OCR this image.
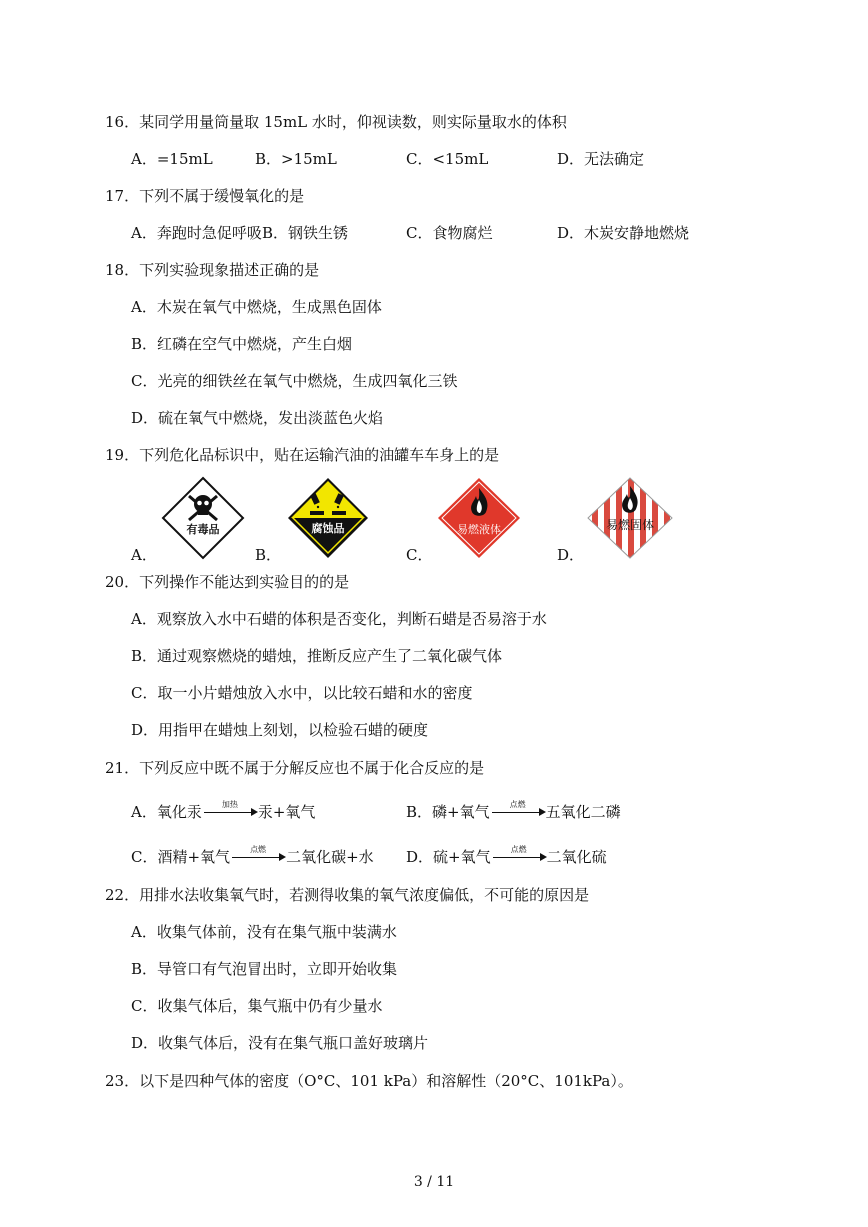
16．某同学用量筒量取 15mL 水时，仰视读数，则实际量取水的体积
A．=15mL	B．>15mL	C．<15mL	D．无法确定
17．下列不属于缓慢氧化的是
A．奔跑时急促呼吸 B．钢铁生锈	C．食物腐烂	D．木炭安静地燃烧
18．下列实验现象描述正确的是
A．木炭在氧气中燃烧，生成黑色固体
B．红磷在空气中燃烧，产生白烟
C．光亮的细铁丝在氧气中燃烧，生成四氧化三铁
D．硫在氧气中燃烧，发出淡蓝色火焰
19．下列危化品标识中，贴在运输汽油的油罐车车身上的是
有毒品	腐蚀品	易燃液体	易燃固体
A．	B．	C．	D．
20．下列操作不能达到实验目的的是
A．观察放入水中石蜡的体积是否变化，判断石蜡是否易溶于水
B．通过观察燃烧的蜡烛，推断反应产生了二氧化碳气体
C．取一小片蜡烛放入水中，以比较石蜡和水的密度
D．用指甲在蜡烛上刻划，以检验石蜡的硬度
21．下列反应中既不属于分解反应也不属于化合反应的是
A．氧化汞	加热	汞+氧气	B．磷+氧气	点燃	五氧化二磷
C．酒精+氧气	点燃	二氧化碳+水 D．硫+氧气	点燃	二氧化硫
22．用排水法收集氧气时，若测得收集的氧气浓度偏低，不可能的原因是
A．收集气体前，没有在集气瓶中装满水
B．导管口有气泡冒出时，立即开始收集
C．收集气体后，集气瓶中仍有少量水
D．收集气体后，没有在集气瓶口盖好玻璃片
23．以下是四种气体的密度（O°C、101 kPa）和溶解性（20°C、101kPa）。
3 / 11
